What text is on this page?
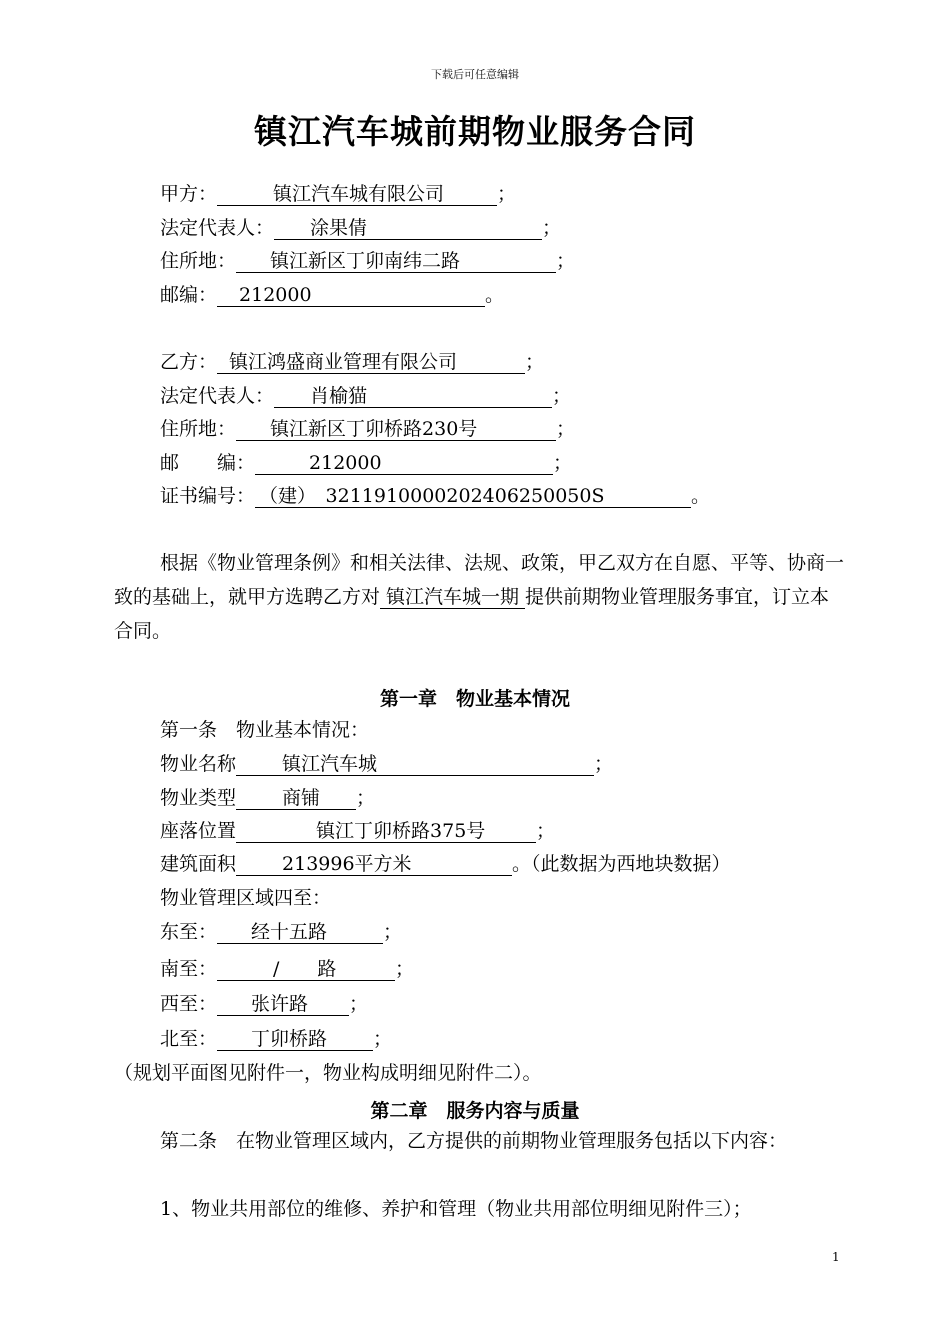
下载后可任意编辑
镇江汽车城前期物业服务合同
甲方：	镇江汽车城有限公司	；
法定代表人： 涂果倩	；
住所地： 镇江新区丁卯南纬二路	；
邮编： 212000	。
乙方： 镇江鸿盛商业管理有限公司	；
法定代表人： 肖榆猫	；
住所地： 镇江新区丁卯桥路230号	；
邮　　编：	212000	；
证书编号： （建）　3211910000202406250050S	。
根据《物业管理条例》和相关法律、法规、政策，甲乙双方在自愿、平等、协商一致的基础上，就甲方选聘乙方对 镇江汽车城一期 提供前期物业管理服务事宜，订立本合同。
第一章　物业基本情况
第一条　物业基本情况：
物业名称 镇江汽车城	；
物业类型 商铺 ；
座落位置	镇江丁卯桥路375号	；
建筑面积 213996平方米	。（此数据为西地块数据）
物业管理区域四至：
东至： 经十五路	；
南至：	/　　路	；
西至： 张许路 ；
北至： 丁卯桥路 ；
（规划平面图见附件一，物业构成明细见附件二）。
第二章　服务内容与质量
第二条　在物业管理区域内，乙方提供的前期物业管理服务包括以下内容：
1、物业共用部位的维修、养护和管理（物业共用部位明细见附件三）；
1
